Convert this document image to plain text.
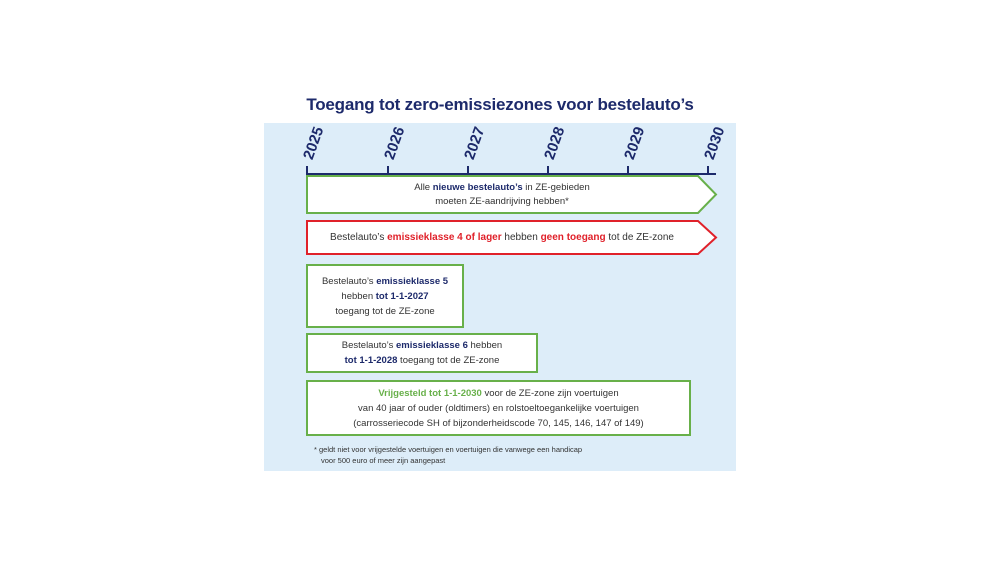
Toegang tot zero-emissiezones voor bestelauto’s
2025	2026	2027	2028	2029	2030
Alle nieuwe bestelauto’s in ZE-gebieden
moeten ZE-aandrijving hebben*
Bestelauto’s emissieklasse 4 of lager hebben geen toegang tot de ZE-zone
Bestelauto’s emissieklasse 5
hebben tot 1-1-2027
toegang tot de ZE-zone
Bestelauto’s emissieklasse 6 hebben
tot 1-1-2028 toegang tot de ZE-zone
Vrijgesteld tot 1-1-2030 voor de ZE-zone zijn voertuigen
van 40 jaar of ouder (oldtimers) en rolstoeltoegankelijke voertuigen
(carrosseriecode SH of bijzonderheidscode 70, 145, 146, 147 of 149)
* geldt niet voor vrijgestelde voertuigen en voertuigen die vanwege een handicap
voor 500 euro of meer zijn aangepast
